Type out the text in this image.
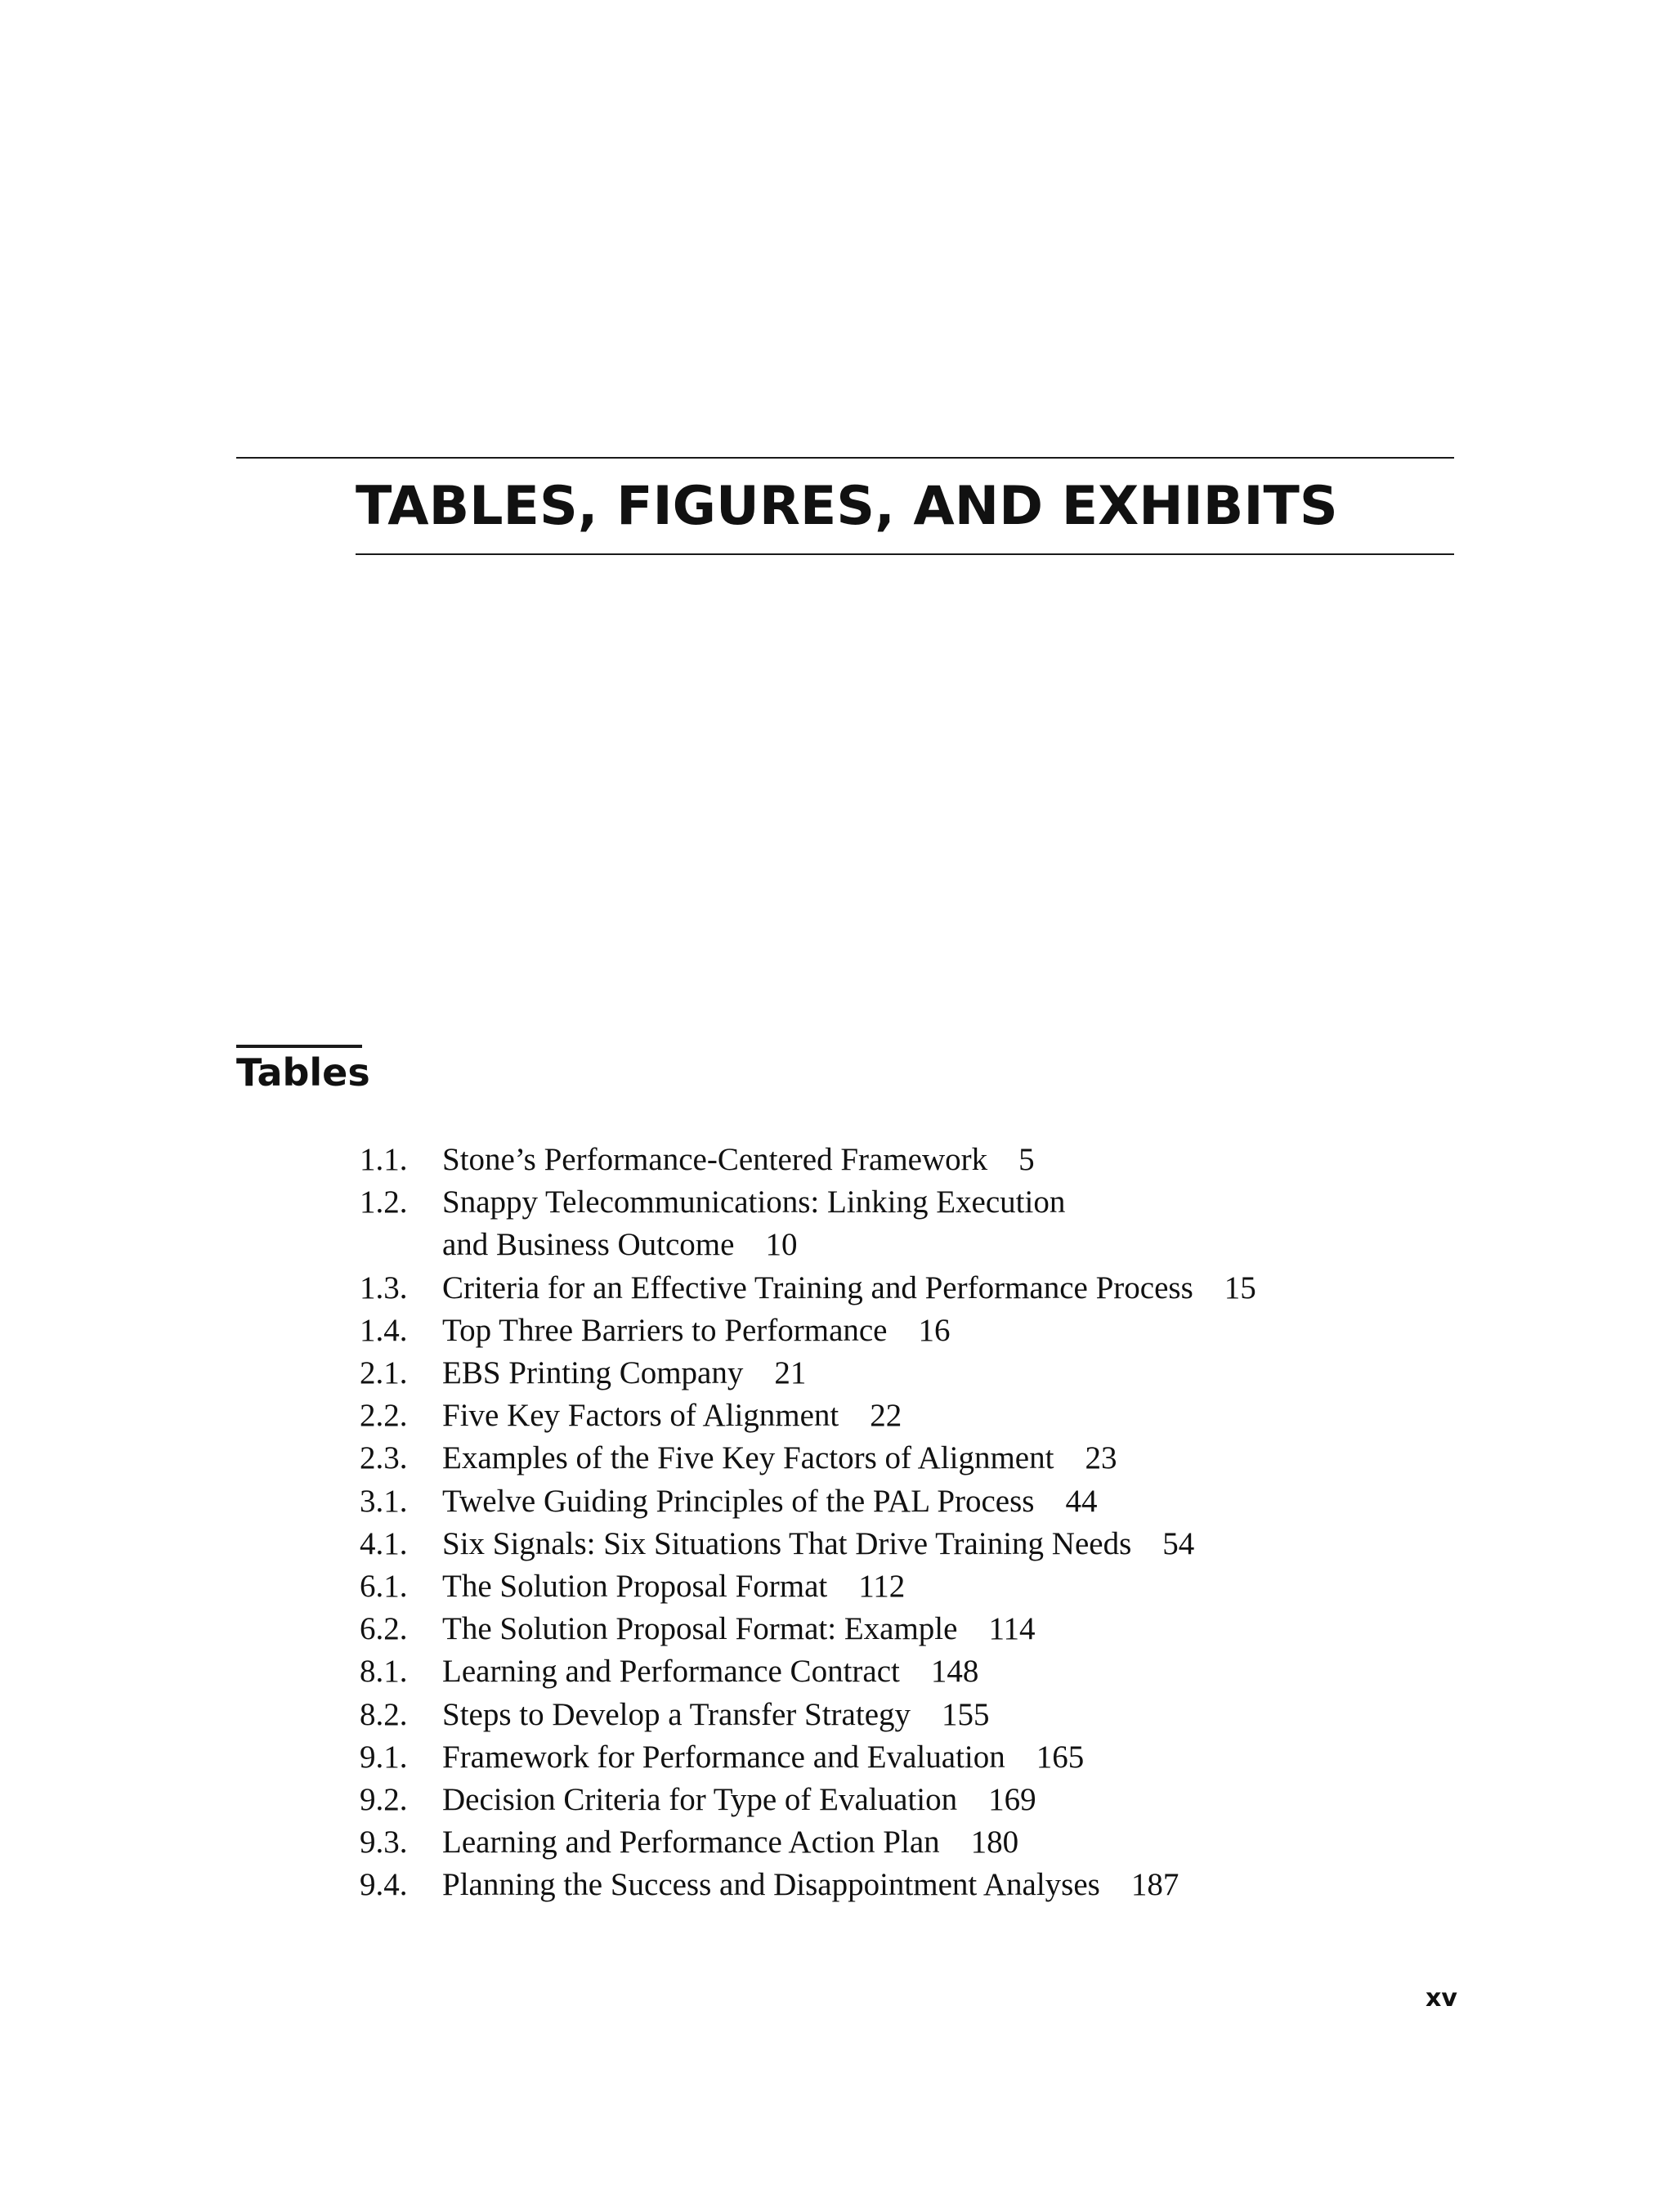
TABLES, FIGURES, AND EXHIBITS
Tables
1.1.	Stone’s Performance-Centered Framework 5
1.2.	Snappy Telecommunications: Linking Execution
and Business Outcome 10
1.3.	Criteria for an Effective Training and Performance Process 15
1.4.	Top Three Barriers to Performance 16
2.1.	EBS Printing Company 21
2.2.	Five Key Factors of Alignment 22
2.3.	Examples of the Five Key Factors of Alignment 23
3.1.	Twelve Guiding Principles of the PAL Process 44
4.1.	Six Signals: Six Situations That Drive Training Needs 54
6.1.	The Solution Proposal Format 112
6.2.	The Solution Proposal Format: Example 114
8.1.	Learning and Performance Contract 148
8.2.	Steps to Develop a Transfer Strategy 155
9.1.	Framework for Performance and Evaluation 165
9.2.	Decision Criteria for Type of Evaluation 169
9.3.	Learning and Performance Action Plan 180
9.4.	Planning the Success and Disappointment Analyses 187
xv
